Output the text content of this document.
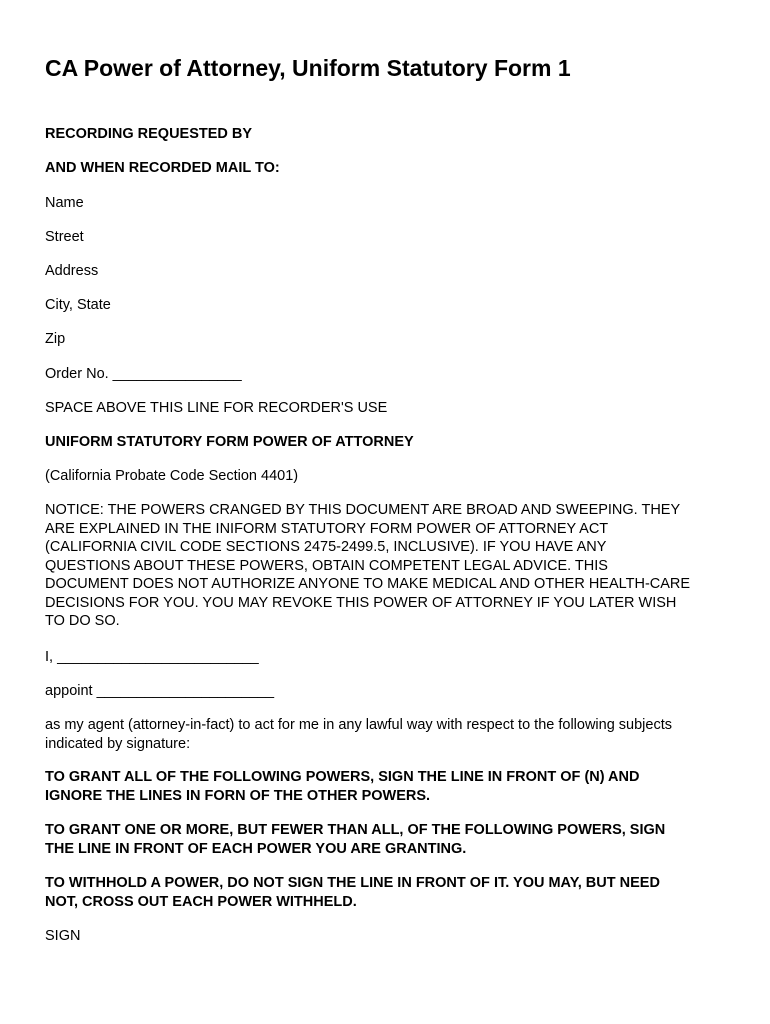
CA Power of Attorney, Uniform Statutory Form 1

RECORDING REQUESTED BY

AND WHEN RECORDED MAIL TO:

Name

Street

Address

City, State

Zip

Order No. ________________

SPACE ABOVE THIS LINE FOR RECORDER'S USE

UNIFORM STATUTORY FORM POWER OF ATTORNEY

(California Probate Code Section 4401)

NOTICE: THE POWERS CRANGED BY THIS DOCUMENT ARE BROAD AND SWEEPING. THEY
ARE EXPLAINED IN THE INIFORM STATUTORY FORM POWER OF ATTORNEY ACT
(CALIFORNIA CIVIL CODE SECTIONS 2475-2499.5, INCLUSIVE). IF YOU HAVE ANY
QUESTIONS ABOUT THESE POWERS, OBTAIN COMPETENT LEGAL ADVICE. THIS
DOCUMENT DOES NOT AUTHORIZE ANYONE TO MAKE MEDICAL AND OTHER HEALTH-CARE
DECISIONS FOR YOU. YOU MAY REVOKE THIS POWER OF ATTORNEY IF YOU LATER WISH
TO DO SO.

I, _________________________

appoint ______________________

as my agent (attorney-in-fact) to act for me in any lawful way with respect to the following subjects
indicated by signature:
TO GRANT ALL OF THE FOLLOWING POWERS, SIGN THE LINE IN FRONT OF (N) AND
IGNORE THE LINES IN FORN OF THE OTHER POWERS.
TO GRANT ONE OR MORE, BUT FEWER THAN ALL, OF THE FOLLOWING POWERS, SIGN
THE LINE IN FRONT OF EACH POWER YOU ARE GRANTING.
TO WITHHOLD A POWER, DO NOT SIGN THE LINE IN FRONT OF IT. YOU MAY, BUT NEED
NOT, CROSS OUT EACH POWER WITHHELD.

SIGN
